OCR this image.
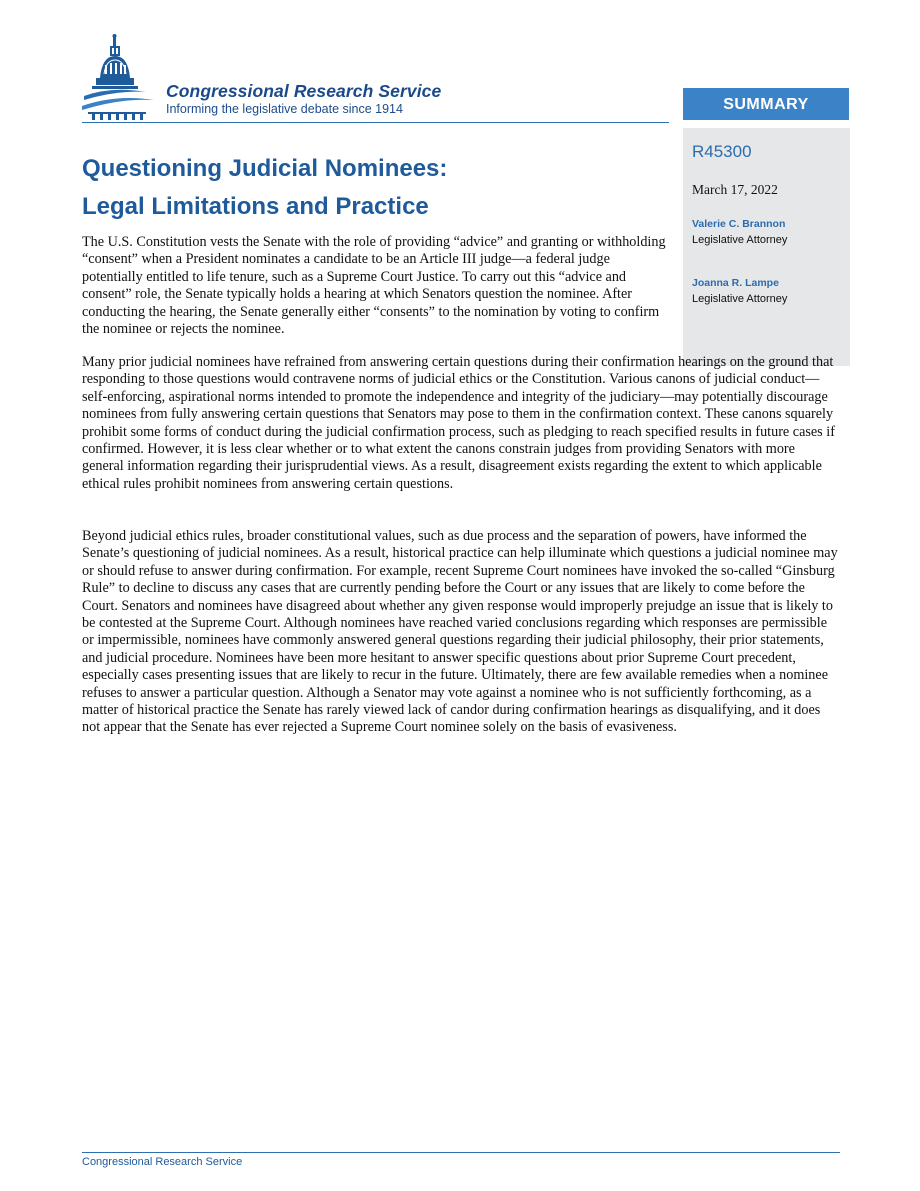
Congressional Research Service

Informing the legislative debate since 1914	SUMMARY

R45300

March 17, 2022

Valerie C. Brannon
Legislative Attorney
Joanna R. Lampe
Legislative Attorney
Questioning Judicial Nominees:
Legal Limitations and Practice

The U.S. Constitution vests the Senate with the role of providing “advice” and granting or withholding “consent” when a President nominates a candidate to be an Article III judge—a federal judge potentially entitled to life tenure, such as a Supreme Court Justice. To carry out this “advice and consent” role, the Senate typically holds a hearing at which Senators question the nominee. After conducting the hearing, the Senate generally either “consents” to the nomination by voting to confirm the nominee or rejects the nominee.

Many prior judicial nominees have refrained from answering certain questions during their confirmation hearings on the ground that responding to those questions would contravene norms of judicial ethics or the Constitution. Various canons of judicial conduct—self-enforcing, aspirational norms intended to promote the independence and integrity of the judiciary—may potentially discourage nominees from fully answering certain questions that Senators may pose to them in the confirmation context. These canons squarely prohibit some forms of conduct during the judicial confirmation process, such as pledging to reach specified results in future cases if confirmed. However, it is less clear whether or to what extent the canons constrain judges from providing Senators with more general information regarding their jurisprudential views. As a result, disagreement exists regarding the extent to which applicable ethical rules prohibit nominees from answering certain questions.

Beyond judicial ethics rules, broader constitutional values, such as due process and the separation of powers, have informed the Senate’s questioning of judicial nominees. As a result, historical practice can help illuminate which questions a judicial nominee may or should refuse to answer during confirmation. For example, recent Supreme Court nominees have invoked the so-called “Ginsburg Rule” to decline to discuss any cases that are currently pending before the Court or any issues that are likely to come before the Court. Senators and nominees have disagreed about whether any given response would improperly prejudge an issue that is likely to be contested at the Supreme Court. Although nominees have reached varied conclusions regarding which responses are permissible or impermissible, nominees have commonly answered general questions regarding their judicial philosophy, their prior statements, and judicial procedure. Nominees have been more hesitant to answer specific questions about prior Supreme Court precedent, especially cases presenting issues that are likely to recur in the future. Ultimately, there are few available remedies when a nominee refuses to answer a particular question. Although a Senator may vote against a nominee who is not sufficiently forthcoming, as a matter of historical practice the Senate has rarely viewed lack of candor during confirmation hearings as disqualifying, and it does not appear that the Senate has ever rejected a Supreme Court nominee solely on the basis of evasiveness.

Congressional Research Service
